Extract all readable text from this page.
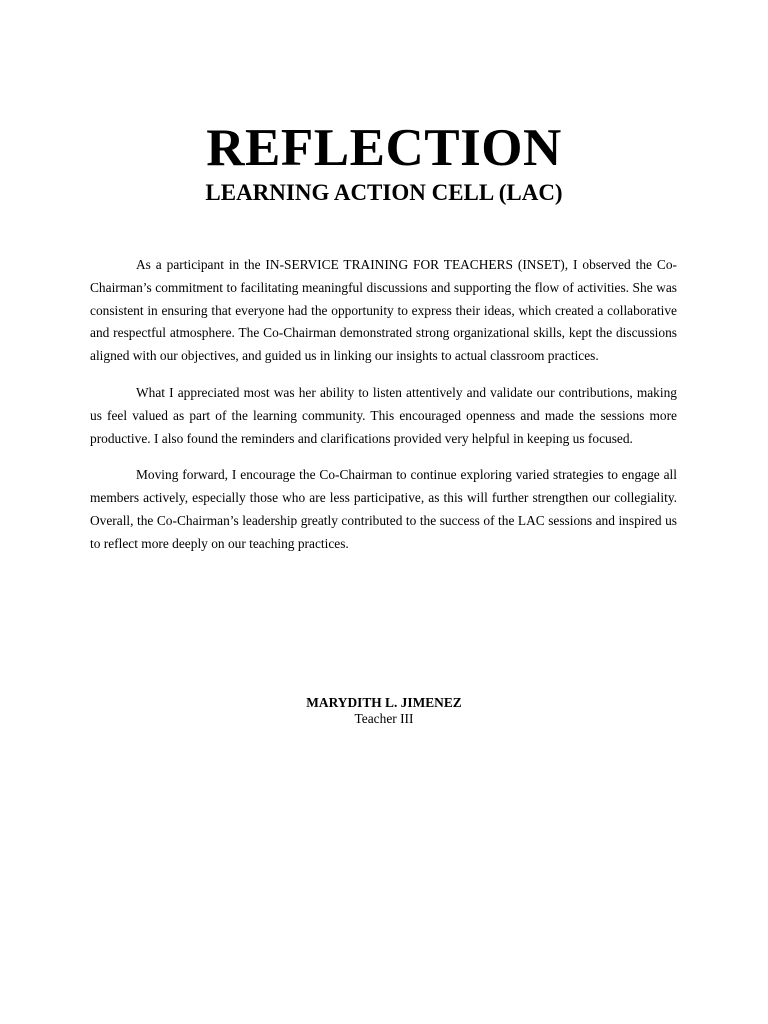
REFLECTION
LEARNING ACTION CELL (LAC)

As a participant in the IN-SERVICE TRAINING FOR TEACHERS (INSET), I observed the Co-Chairman’s commitment to facilitating meaningful discussions and supporting the flow of activities. She was consistent in ensuring that everyone had the opportunity to express their ideas, which created a collaborative and respectful atmosphere. The Co-Chairman demonstrated strong organizational skills, kept the discussions aligned with our objectives, and guided us in linking our insights to actual classroom practices.

What I appreciated most was her ability to listen attentively and validate our contributions, making us feel valued as part of the learning community. This encouraged openness and made the sessions more productive. I also found the reminders and clarifications provided very helpful in keeping us focused.

Moving forward, I encourage the Co-Chairman to continue exploring varied strategies to engage all members actively, especially those who are less participative, as this will further strengthen our collegiality. Overall, the Co-Chairman’s leadership greatly contributed to the success of the LAC sessions and inspired us to reflect more deeply on our teaching practices.

MARYDITH L. JIMENEZ
Teacher III
